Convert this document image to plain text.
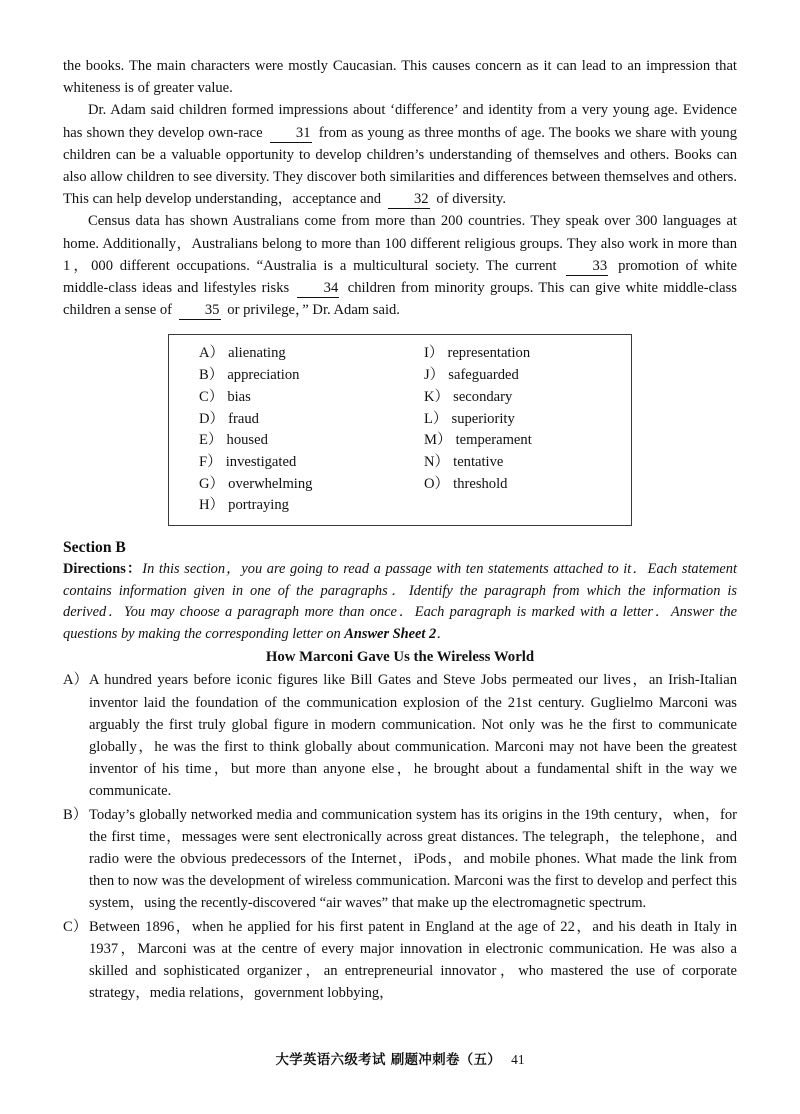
the books. The main characters were mostly Caucasian. This causes concern as it can lead to an impression that whiteness is of greater value.

Dr. Adam said children formed impressions about ‘difference’ and identity from a very young age. Evidence has shown they develop own-race 31 from as young as three months of age. The books we share with young children can be a valuable opportunity to develop children’s understanding of themselves and others. Books can also allow children to see diversity. They discover both similarities and differences between themselves and others. This can help develop understanding，acceptance and 32 of diversity.

Census data has shown Australians come from more than 200 countries. They speak over 300 languages at home. Additionally，Australians belong to more than 100 different religious groups. They also work in more than 1，000 different occupations. “Australia is a multicultural society. The current 33 promotion of white middle-class ideas and lifestyles risks 34 children from minority groups. This can give white middle-class children a sense of 35 or privilege，” Dr. Adam said.

A） alienating
B） appreciation
C） bias
D） fraud
E） housed
F） investigated
G） overwhelming
H） portraying
I） representation
J） safeguarded
K） secondary
L） superiority
M） temperament
N） tentative
O） threshold
Section B

Directions：In this section，you are going to read a passage with ten statements attached to it．Each statement contains information given in one of the paragraphs．Identify the paragraph from which the information is derived．You may choose a paragraph more than once．Each paragraph is marked with a letter．Answer the questions by making the corresponding letter on Answer Sheet 2．

How Marconi Gave Us the Wireless World
A） A hundred years before iconic figures like Bill Gates and Steve Jobs permeated our lives，an Irish-Italian inventor laid the foundation of the communication explosion of the 21st century. Guglielmo Marconi was arguably the first truly global figure in modern communication. Not only was he the first to communicate globally，he was the first to think globally about communication. Marconi may not have been the greatest inventor of his time，but more than anyone else，he brought about a fundamental shift in the way we communicate.
B） Today’s globally networked media and communication system has its origins in the 19th century，when，for the first time，messages were sent electronically across great distances. The telegraph，the telephone，and radio were the obvious predecessors of the Internet，iPods，and mobile phones. What made the link from then to now was the development of wireless communication. Marconi was the first to develop and perfect this system，using the recently-discovered “air waves” that make up the electromagnetic spectrum.
C） Between 1896，when he applied for his first patent in England at the age of 22，and his death in Italy in 1937，Marconi was at the centre of every major innovation in electronic communication. He was also a skilled and sophisticated organizer，an entrepreneurial innovator，who mastered the use of corporate strategy，media relations，government lobbying，
大学英语六级考试 刷题冲刺卷（五） 41
